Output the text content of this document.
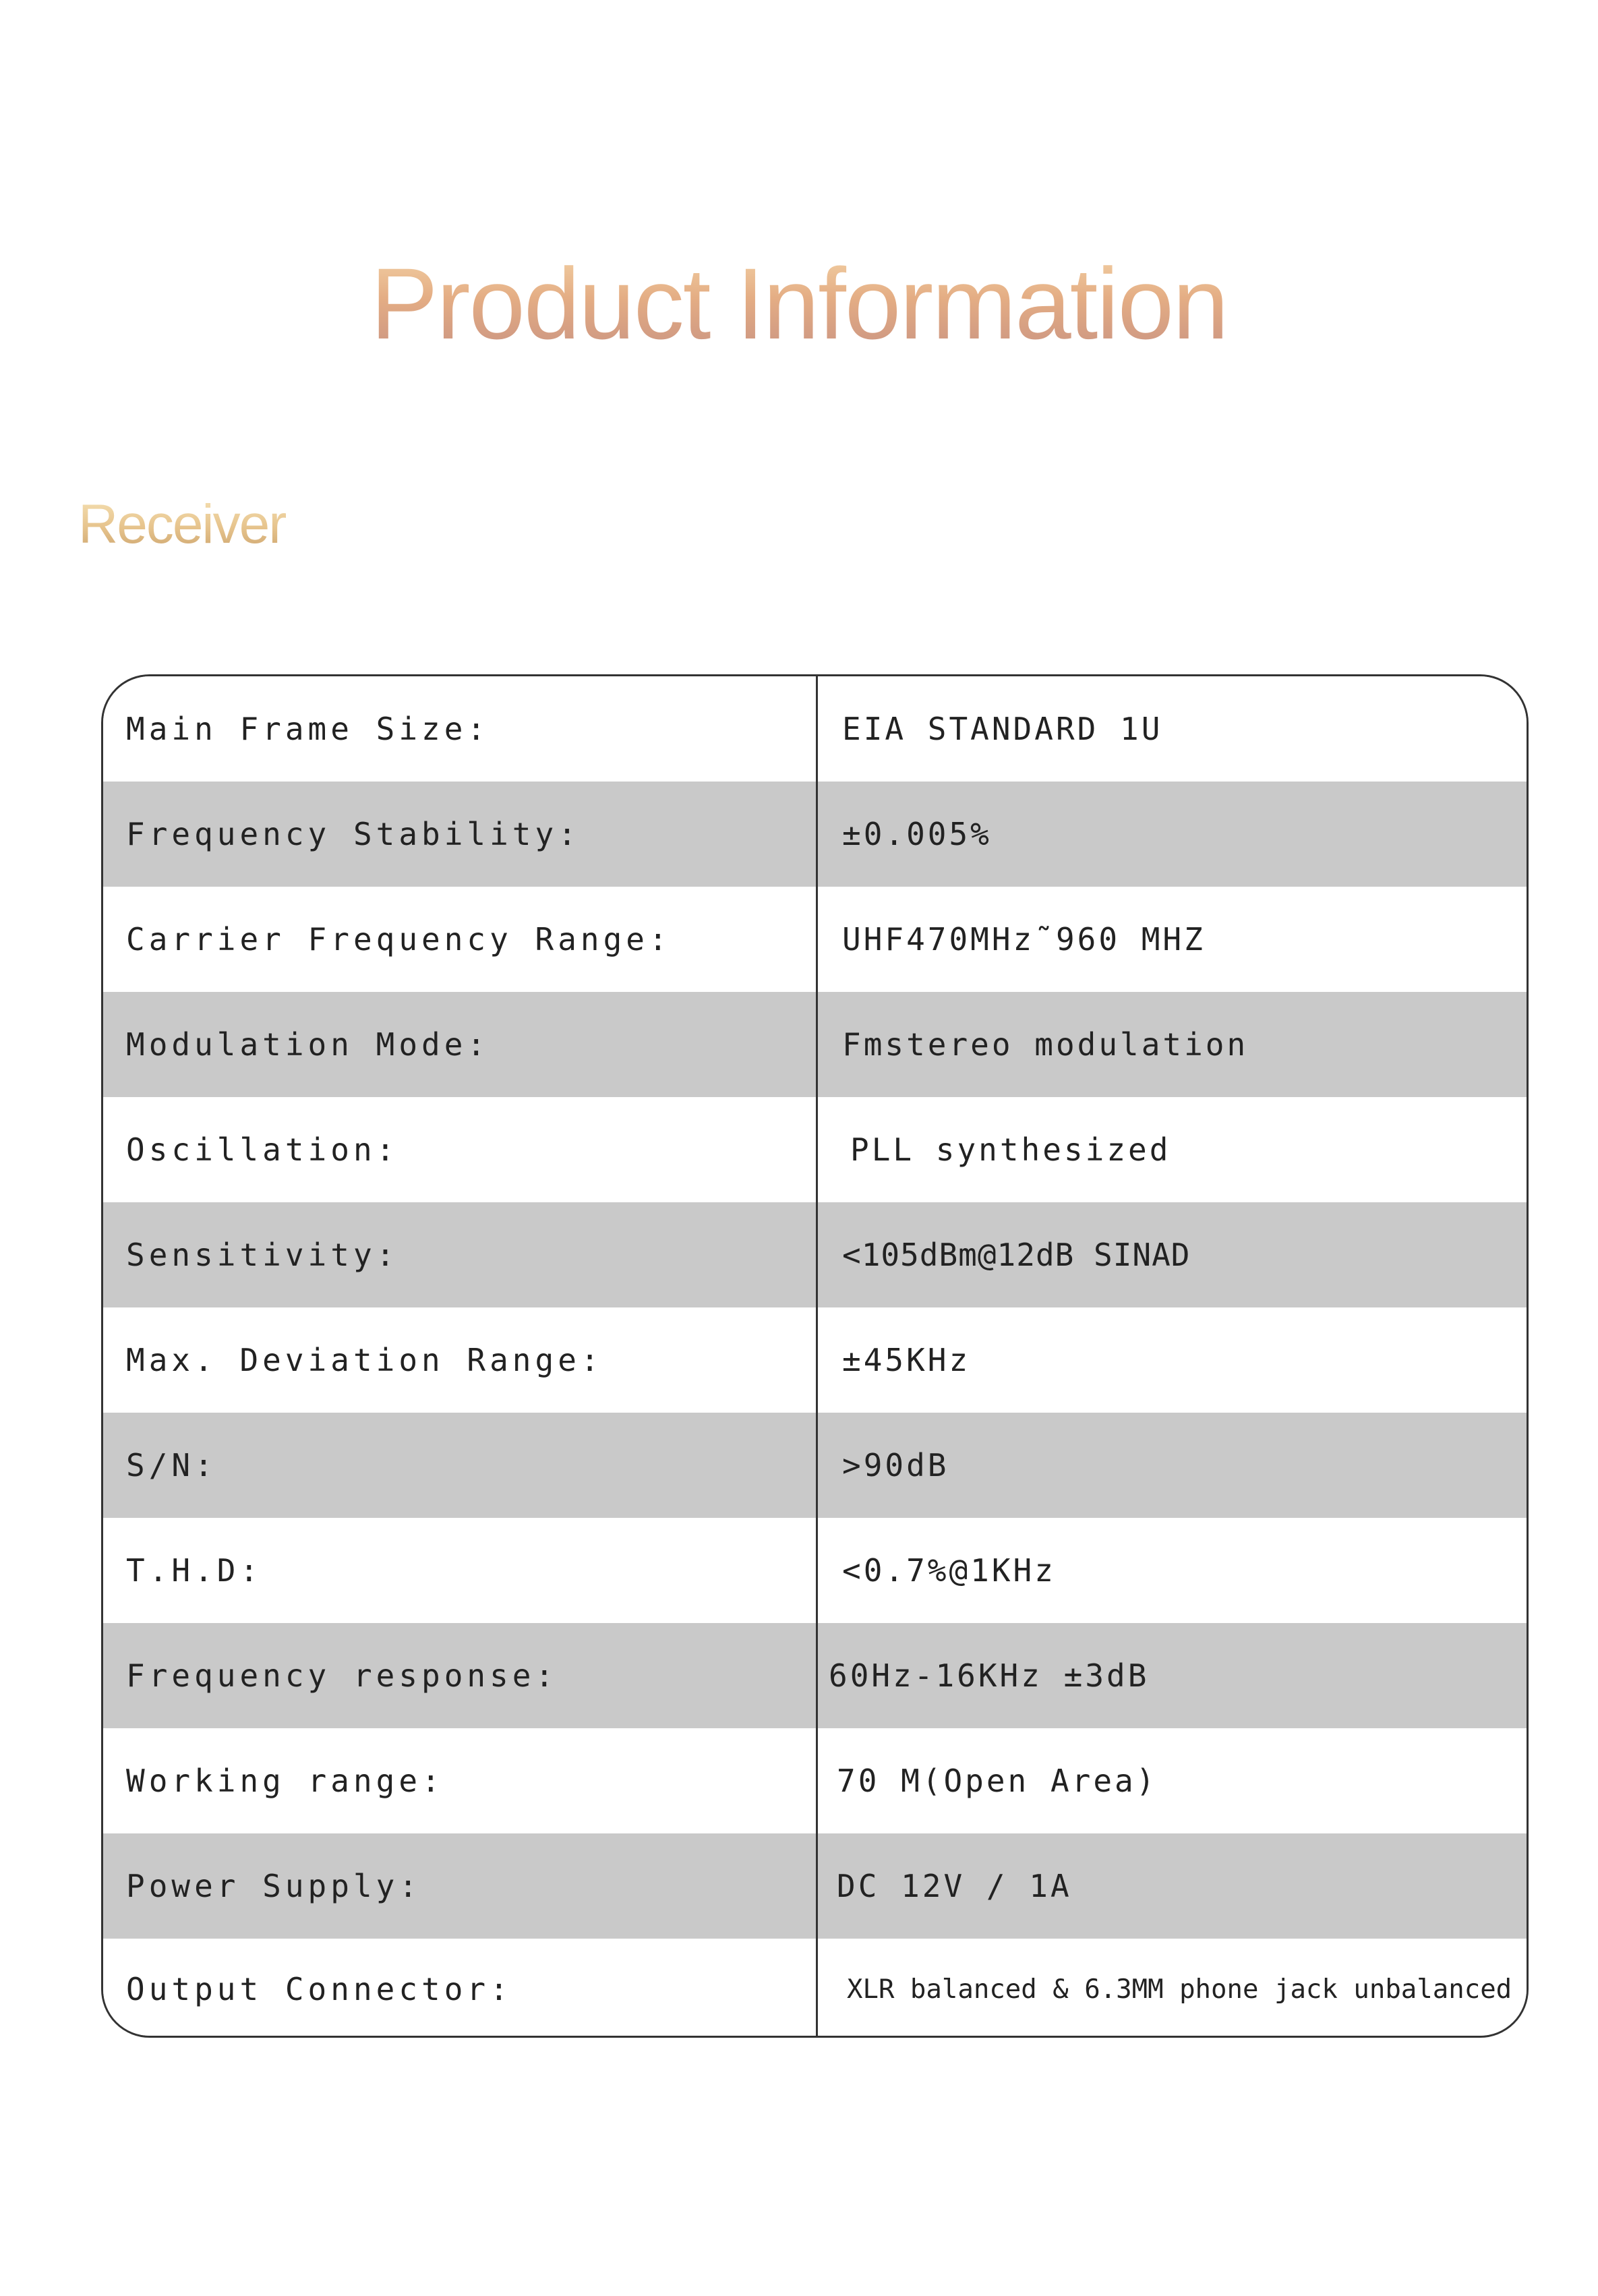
Product Information
Receiver
Main Frame Size:	EIA STANDARD 1U
Frequency Stability:	±0.005%
Carrier Frequency Range:	UHF470MHz˜960 MHZ
Modulation Mode:	Fmstereo modulation
Oscillation:	PLL synthesized
Sensitivity:	<105dBm@12dB SINAD
Max. Deviation Range:	±45KHz
S/N:	>90dB
T.H.D:	<0.7%@1KHz
Frequency response:	60Hz-16KHz ±3dB
Working range:	70 M(Open Area)
Power Supply:	DC 12V / 1A
Output Connector:	XLR balanced & 6.3MM phone jack unbalanced
